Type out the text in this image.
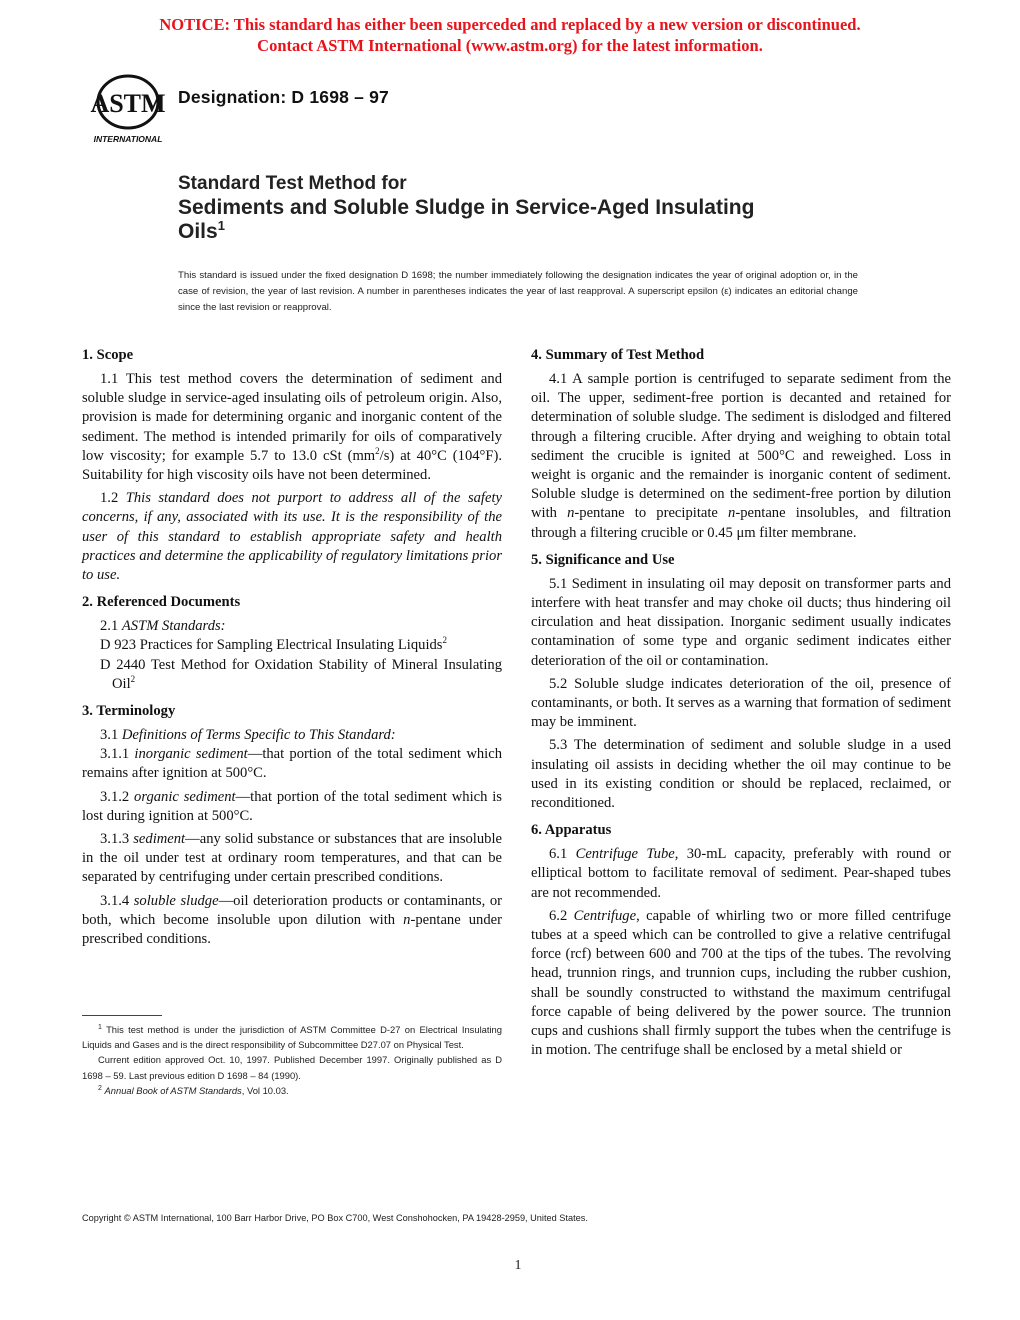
NOTICE: This standard has either been superceded and replaced by a new version or discontinued.
Contact ASTM International (www.astm.org) for the latest information.
ASTM
INTERNATIONAL
Designation: D 1698 – 97
Standard Test Method for
Sediments and Soluble Sludge in Service-Aged Insulating
Oils$^1$
This standard is issued under the fixed designation D 1698; the number immediately following the designation indicates the year of original adoption or, in the case of revision, the year of last revision. A number in parentheses indicates the year of last reapproval. A superscript epsilon (ε) indicates an editorial change since the last revision or reapproval.
1. Scope

1.1 This test method covers the determination of sediment and soluble sludge in service-aged insulating oils of petroleum origin. Also, provision is made for determining organic and inorganic content of the sediment. The method is intended primarily for oils of comparatively low viscosity; for example 5.7 to 13.0 cSt $(mm^2/s)$ at 40°C (104°F). Suitability for high viscosity oils have not been determined.

1.2 This standard does not purport to address all of the safety concerns, if any, associated with its use. It is the responsibility of the user of this standard to establish appropriate safety and health practices and determine the applicability of regulatory limitations prior to use.

2. Referenced Documents

2.1 ASTM Standards:

D 923 Practices for Sampling Electrical Insulating Liquids$^2$

D 2440 Test Method for Oxidation Stability of Mineral Insulating Oil$^2$

3. Terminology

3.1 Definitions of Terms Specific to This Standard:

3.1.1 inorganic sediment—that portion of the total sediment which remains after ignition at 500°C.

3.1.2 organic sediment—that portion of the total sediment which is lost during ignition at 500°C.

3.1.3 sediment—any solid substance or substances that are insoluble in the oil under test at ordinary room temperatures, and that can be separated by centrifuging under certain prescribed conditions.

3.1.4 soluble sludge—oil deterioration products or contaminants, or both, which become insoluble upon dilution with n-pentane under prescribed conditions.

4. Summary of Test Method

4.1 A sample portion is centrifuged to separate sediment from the oil. The upper, sediment-free portion is decanted and retained for determination of soluble sludge. The sediment is dislodged and filtered through a filtering crucible. After drying and weighing to obtain total sediment the crucible is ignited at 500°C and reweighed. Loss in weight is organic and the remainder is inorganic content of sediment. Soluble sludge is determined on the sediment-free portion by dilution with n-pentane to precipitate n-pentane insolubles, and filtration through a filtering crucible or 0.45 μm filter membrane.

5. Significance and Use

5.1 Sediment in insulating oil may deposit on transformer parts and interfere with heat transfer and may choke oil ducts; thus hindering oil circulation and heat dissipation. Inorganic sediment usually indicates contamination of some type and organic sediment indicates either deterioration of the oil or contamination.

5.2 Soluble sludge indicates deterioration of the oil, presence of contaminants, or both. It serves as a warning that formation of sediment may be imminent.

5.3 The determination of sediment and soluble sludge in a used insulating oil assists in deciding whether the oil may continue to be used in its existing condition or should be replaced, reclaimed, or reconditioned.

6. Apparatus

6.1 Centrifuge Tube, 30-mL capacity, preferably with round or elliptical bottom to facilitate removal of sediment. Pear-shaped tubes are not recommended.

6.2 Centrifuge, capable of whirling two or more filled centrifuge tubes at a speed which can be controlled to give a relative centrifugal force (rcf) between 600 and 700 at the tips of the tubes. The revolving head, trunnion rings, and trunnion cups, including the rubber cushion, shall be soundly constructed to withstand the maximum centrifugal force capable of being delivered by the power source. The trunnion cups and cushions shall firmly support the tubes when the centrifuge is in motion. The centrifuge shall be enclosed by a metal shield or

$^1$ This test method is under the jurisdiction of ASTM Committee D-27 on Electrical Insulating Liquids and Gases and is the direct responsibility of Subcommittee D27.07 on Physical Test.

Current edition approved Oct. 10, 1997. Published December 1997. Originally published as D 1698 – 59. Last previous edition D 1698 – 84 (1990).

$^2$ Annual Book of ASTM Standards, Vol 10.03.

Copyright © ASTM International, 100 Barr Harbor Drive, PO Box C700, West Conshohocken, PA 19428-2959, United States.
1
